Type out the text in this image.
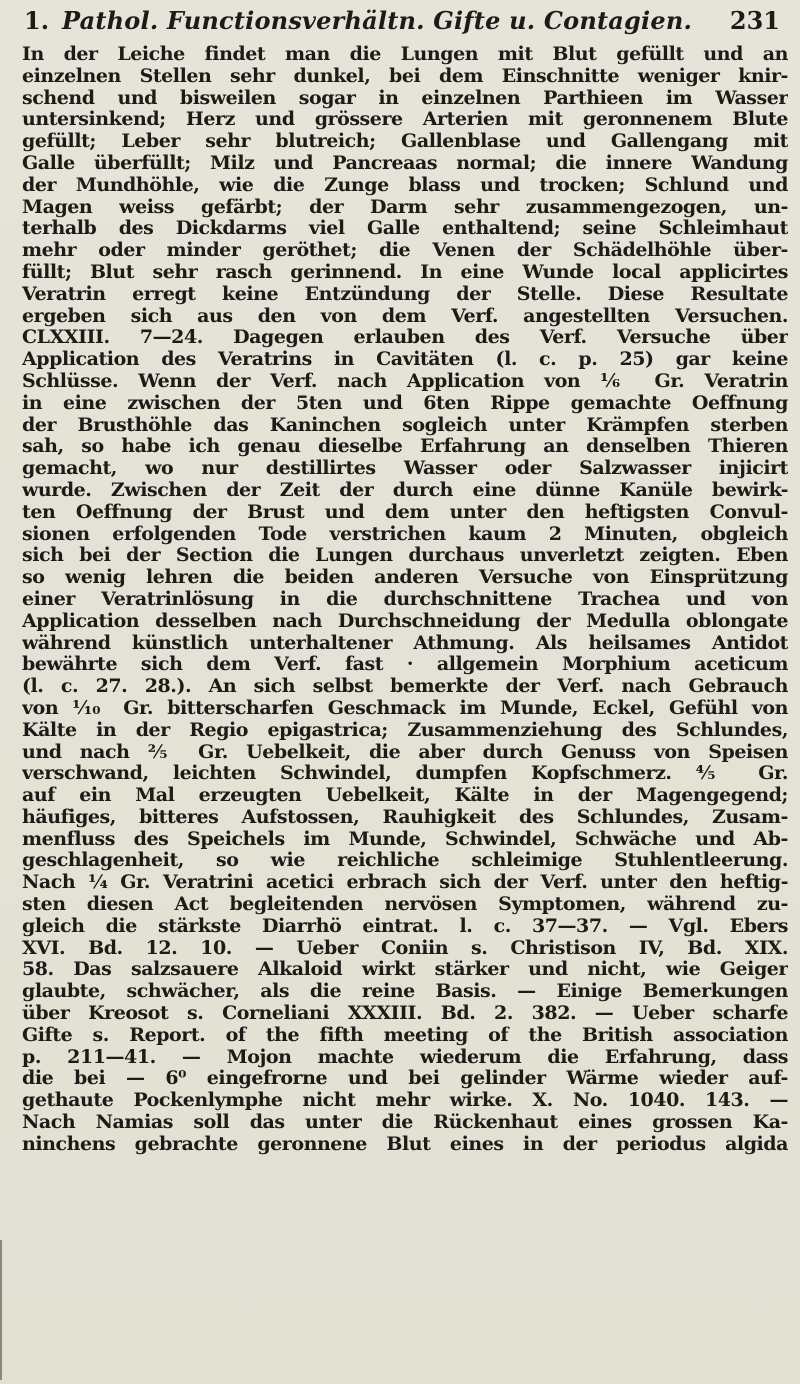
1. Pathol. Functionsverhältn. Gifte u. Contagien. 231
In der Leiche findet man die Lungen mit Blut gefüllt und an
einzelnen Stellen sehr dunkel, bei dem Einschnitte weniger knir-
schend und bisweilen sogar in einzelnen Parthieen im Wasser
untersinkend; Herz und grössere Arterien mit geronnenem Blute
gefüllt; Leber sehr blutreich; Gallenblase und Gallengang mit
Galle überfüllt; Milz und Pancreaas normal; die innere Wandung
der Mundhöhle, wie die Zunge blass und trocken; Schlund und
Magen weiss gefärbt; der Darm sehr zusammengezogen, un-
terhalb des Dickdarms viel Galle enthaltend; seine Schleimhaut
mehr oder minder geröthet; die Venen der Schädelhöhle über-
füllt; Blut sehr rasch gerinnend. In eine Wunde local applicirtes
Veratrin erregt keine Entzündung der Stelle. Diese Resultate
ergeben sich aus den von dem Verf. angestellten Versuchen.
CLXXIII. 7—24. Dagegen erlauben des Verf. Versuche über
Application des Veratrins in Cavitäten (l. c. p. 25) gar keine
Schlüsse. Wenn der Verf. nach Application von ⅙ Gr. Veratrin
in eine zwischen der 5ten und 6ten Rippe gemachte Oeffnung
der Brusthöhle das Kaninchen sogleich unter Krämpfen sterben
sah, so habe ich genau dieselbe Erfahrung an denselben Thieren
gemacht, wo nur destillirtes Wasser oder Salzwasser injicirt
wurde. Zwischen der Zeit der durch eine dünne Kanüle bewirk-
ten Oeffnung der Brust und dem unter den heftigsten Convul-
sionen erfolgenden Tode verstrichen kaum 2 Minuten, obgleich
sich bei der Section die Lungen durchaus unverletzt zeigten. Eben
so wenig lehren die beiden anderen Versuche von Einsprützung
einer Veratrinlösung in die durchschnittene Trachea und von
Application desselben nach Durchschneidung der Medulla oblongate
während künstlich unterhaltener Athmung. Als heilsames Antidot
bewährte sich dem Verf. fast · allgemein Morphium aceticum
(l. c. 27. 28.). An sich selbst bemerkte der Verf. nach Gebrauch
von ⅒ Gr. bitterscharfen Geschmack im Munde, Eckel, Gefühl von
Kälte in der Regio epigastrica; Zusammenziehung des Schlundes,
und nach ⅖ Gr. Uebelkeit, die aber durch Genuss von Speisen
verschwand, leichten Schwindel, dumpfen Kopfschmerz. ⅘ Gr.
auf ein Mal erzeugten Uebelkeit, Kälte in der Magengegend;
häufiges, bitteres Aufstossen, Rauhigkeit des Schlundes, Zusam-
menfluss des Speichels im Munde, Schwindel, Schwäche und Ab-
geschlagenheit, so wie reichliche schleimige Stuhlentleerung.
Nach ¼ Gr. Veratrini acetici erbrach sich der Verf. unter den heftig-
sten diesen Act begleitenden nervösen Symptomen, während zu-
gleich die stärkste Diarrhö eintrat. l. c. 37—37. — Vgl. Ebers
XVI. Bd. 12. 10. — Ueber Coniin s. Christison IV, Bd. XIX.
58. Das salzsauere Alkaloid wirkt stärker und nicht, wie Geiger
glaubte, schwächer, als die reine Basis. — Einige Bemerkungen
über Kreosot s. Corneliani XXXIII. Bd. 2. 382. — Ueber scharfe
Gifte s. Report. of the fifth meeting of the British association
p. 211—41. — Mojon machte wiederum die Erfahrung, dass
die bei — 6⁰ eingefrorne und bei gelinder Wärme wieder auf-
gethaute Pockenlymphe nicht mehr wirke. X. No. 1040. 143. —
Nach Namias soll das unter die Rückenhaut eines grossen Ka-
ninchens gebrachte geronnene Blut eines in der periodus algida
